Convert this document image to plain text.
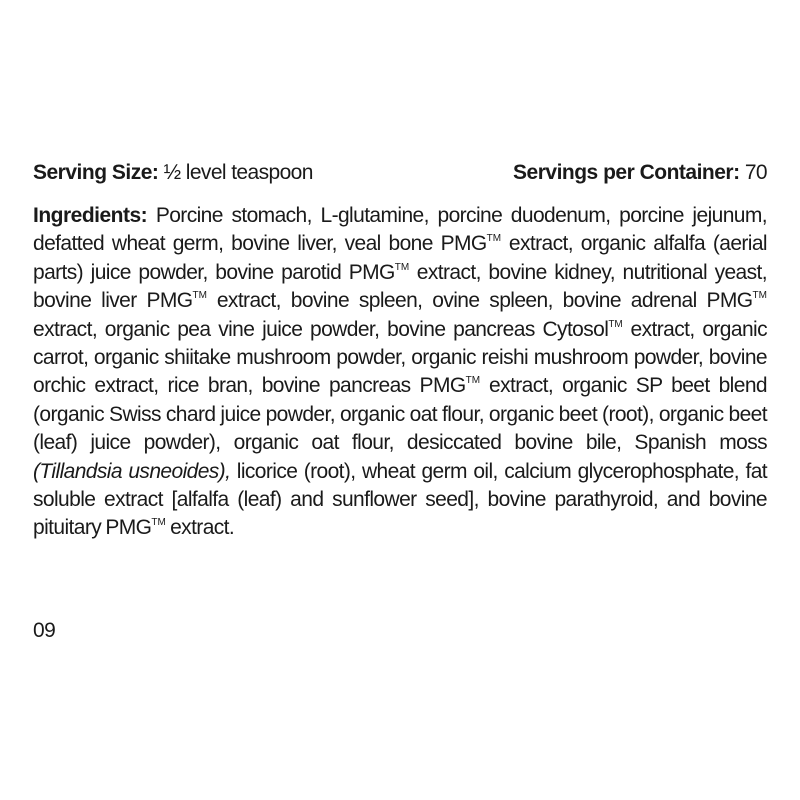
Serving Size: ½ level teaspoon	Servings per Container: 70
Ingredients: Porcine stomach, L-glutamine, porcine duodenum, porcine jejunum, defatted wheat germ, bovine liver, veal bone PMG™ extract, organic alfalfa (aerial parts) juice powder, bovine parotid PMG™ extract, bovine kidney, nutritional yeast, bovine liver PMG™ extract, bovine spleen, ovine spleen, bovine adrenal PMG™ extract, organic pea vine juice powder, bovine pancreas Cytosol™ extract, organic carrot, organic shiitake mushroom powder, organic reishi mushroom powder, bovine orchic extract, rice bran, bovine pancreas PMG™ extract, organic SP beet blend (organic Swiss chard juice powder, organic oat flour, organic beet (root), organic beet (leaf) juice powder), organic oat flour, desiccated bovine bile, Spanish moss (Tillandsia usneoides), licorice (root), wheat germ oil, calcium glycerophosphate, fat soluble extract [alfalfa (leaf) and sunflower seed], bovine parathyroid, and bovine pituitary PMG™ extract.
09
